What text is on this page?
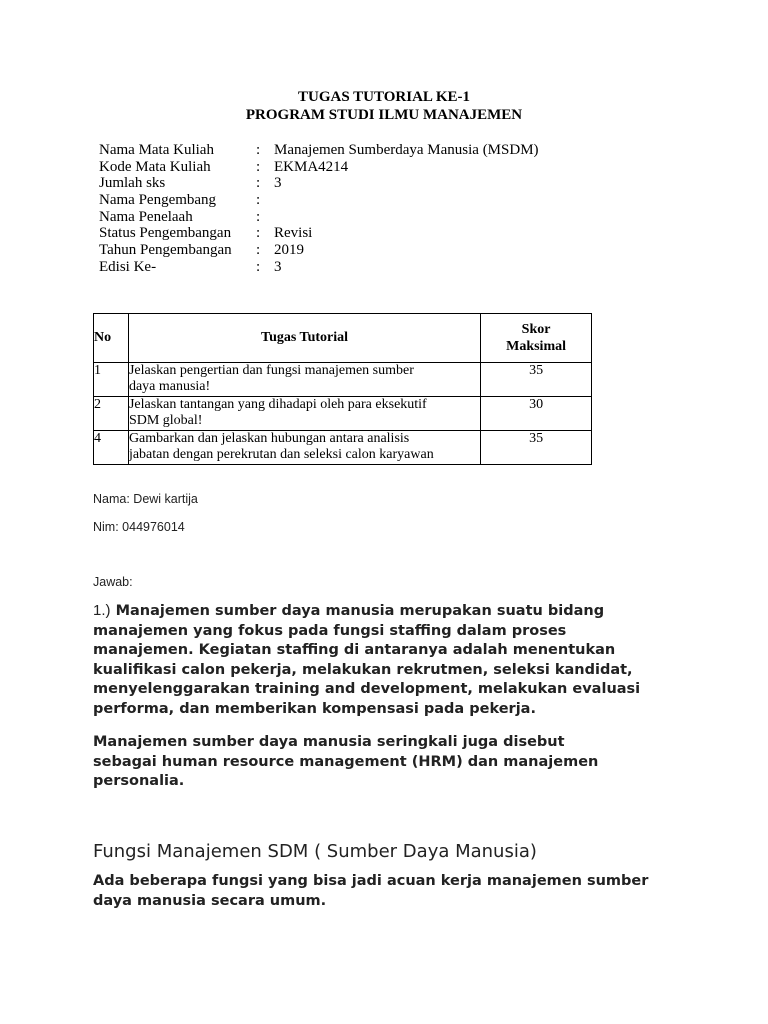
TUGAS TUTORIAL KE-1
PROGRAM STUDI ILMU MANAJEMEN
Nama Mata Kuliah	: Manajemen Sumberdaya Manusia (MSDM)
Kode Mata Kuliah	: EKMA4214
Jumlah sks	: 3
Nama Pengembang	:
Nama Penelaah	:
Status Pengembangan : Revisi
Tahun Pengembangan : 2019
Edisi Ke-	: 3
No	Tugas Tutorial	Skor
Maksimal
1	Jelaskan pengertian dan fungsi manajemen sumber
daya manusia!	35
2	Jelaskan tantangan yang dihadapi oleh para eksekutif
SDM global!	30
4	Gambarkan dan jelaskan hubungan antara analisis
jabatan dengan perekrutan dan seleksi calon karyawan	35
Nama: Dewi kartija
Nim: 044976014
Jawab:
1.) Manajemen sumber daya manusia merupakan suatu bidang
manajemen yang fokus pada fungsi staffing dalam proses
manajemen. Kegiatan staffing di antaranya adalah menentukan
kualifikasi calon pekerja, melakukan rekrutmen, seleksi kandidat,
menyelenggarakan training and development, melakukan evaluasi
performa, dan memberikan kompensasi pada pekerja.
Manajemen sumber daya manusia seringkali juga disebut
sebagai human resource management (HRM) dan manajemen
personalia.
Fungsi Manajemen SDM ( Sumber Daya Manusia)
Ada beberapa fungsi yang bisa jadi acuan kerja manajemen sumber
daya manusia secara umum.
